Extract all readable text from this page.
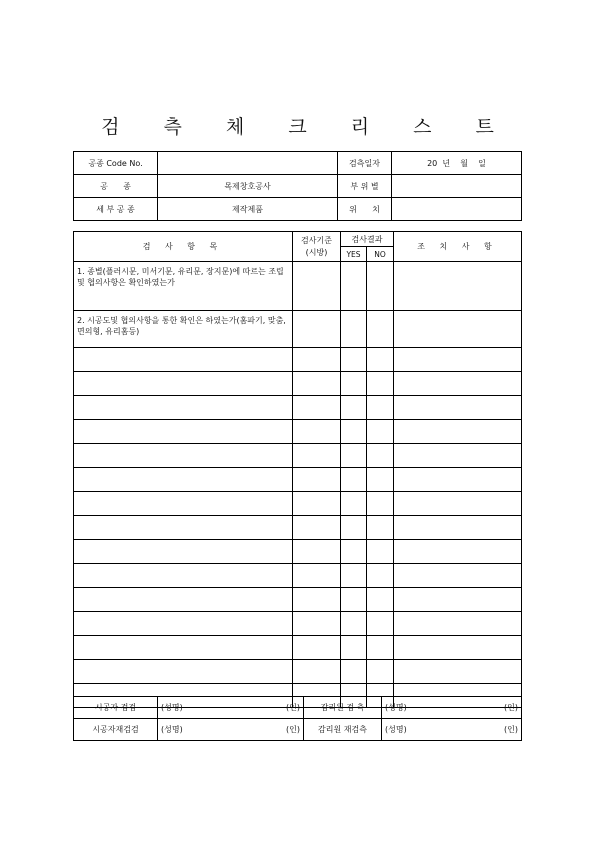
검 측 체 크 리 스 트
공종 Code No.		검측일자	20  년    월    일
공      종	목제창호공사	부 위 별	
세 부 공 종	제작제품	위      치	
검 사 항 목	검사기준 (시방)	검사결과		조 치 사 항
		YES	NO	
1. 종별(플러시문, 미서기문, 유리문, 장지문)에 따르는 조립및 협의사항은 확인하였는가				
2. 시공도및 협의사항을 통한 확인은 하였는가(홈파기, 맞춤, 면의형, 유리홈등)				

시공자 검검	(성명) (인)	감리원 검 측	(성명) (인)

시공자재검검	(성명) (인)	감리원 재검측	(성명) (인)
